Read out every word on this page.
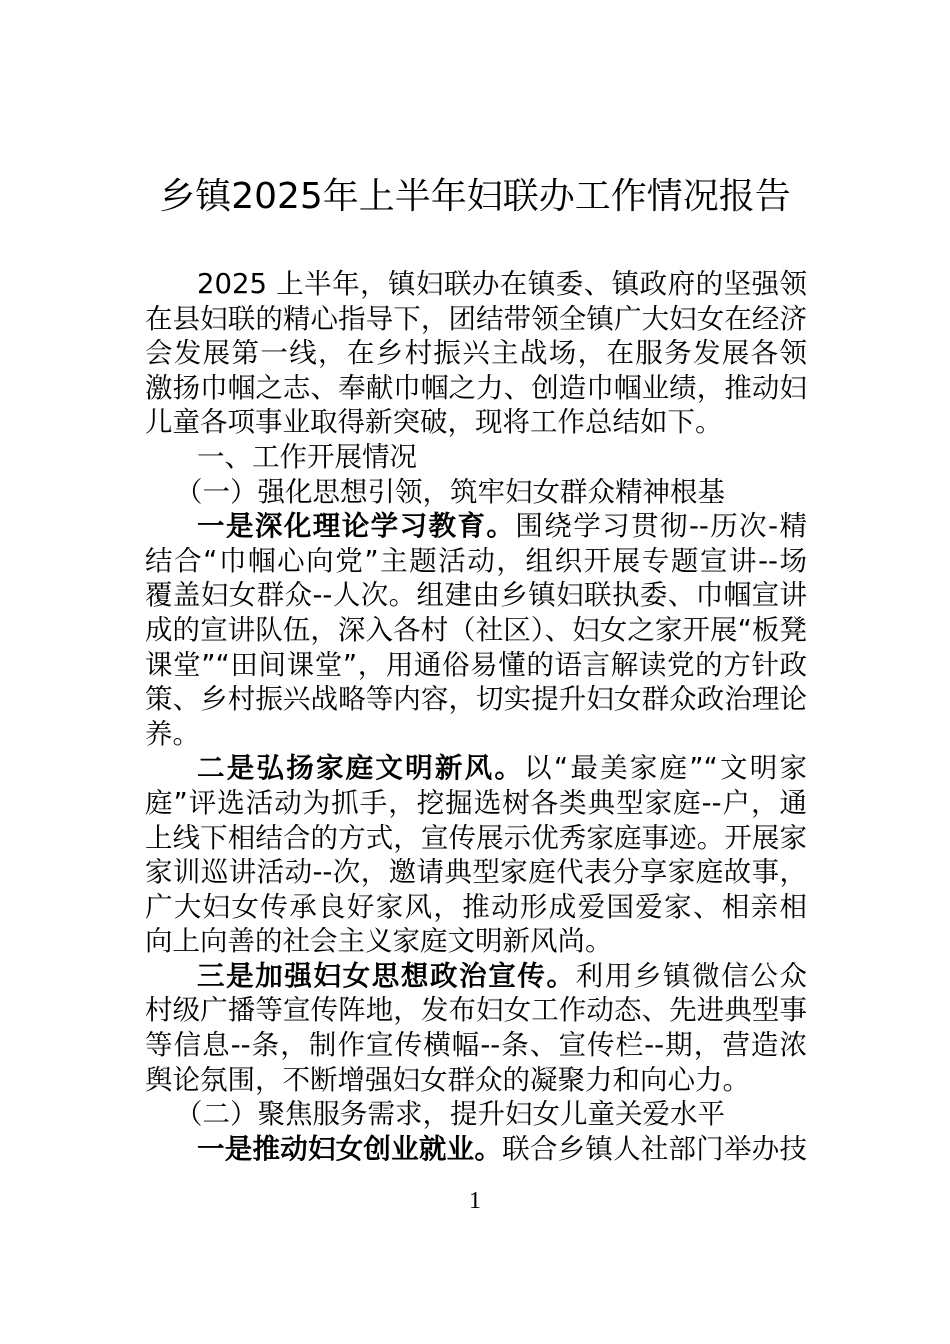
乡镇2025年上半年妇联办工作情况报告
2025 上半年，镇妇联办在镇委、镇政府的坚强领
在县妇联的精心指导下，团结带领全镇广大妇女在经济
会发展第一线，在乡村振兴主战场，在服务发展各领
激扬巾帼之志、奉献巾帼之力、创造巾帼业绩，推动妇
儿童各项事业取得新突破，现将工作总结如下。
一、工作开展情况
（一）强化思想引领，筑牢妇女群众精神根基
一是深化理论学习教育。围绕学习贯彻--历次-精
结合“巾帼心向党”主题活动，组织开展专题宣讲--场
覆盖妇女群众--人次。组建由乡镇妇联执委、巾帼宣讲
成的宣讲队伍，深入各村（社区）、妇女之家开展“板凳
课堂”“田间课堂”，用通俗易懂的语言解读党的方针政
策、乡村振兴战略等内容，切实提升妇女群众政治理论
养。
二是弘扬家庭文明新风。以“最美家庭”“文明家
庭”评选活动为抓手，挖掘选树各类典型家庭--户，通
上线下相结合的方式，宣传展示优秀家庭事迹。开展家
家训巡讲活动--次，邀请典型家庭代表分享家庭故事，
广大妇女传承良好家风，推动形成爱国爱家、相亲相
向上向善的社会主义家庭文明新风尚。
三是加强妇女思想政治宣传。利用乡镇微信公众
村级广播等宣传阵地，发布妇女工作动态、先进典型事
等信息--条，制作宣传横幅--条、宣传栏--期，营造浓
舆论氛围，不断增强妇女群众的凝聚力和向心力。
（二）聚焦服务需求，提升妇女儿童关爱水平
一是推动妇女创业就业。联合乡镇人社部门举办技
1
